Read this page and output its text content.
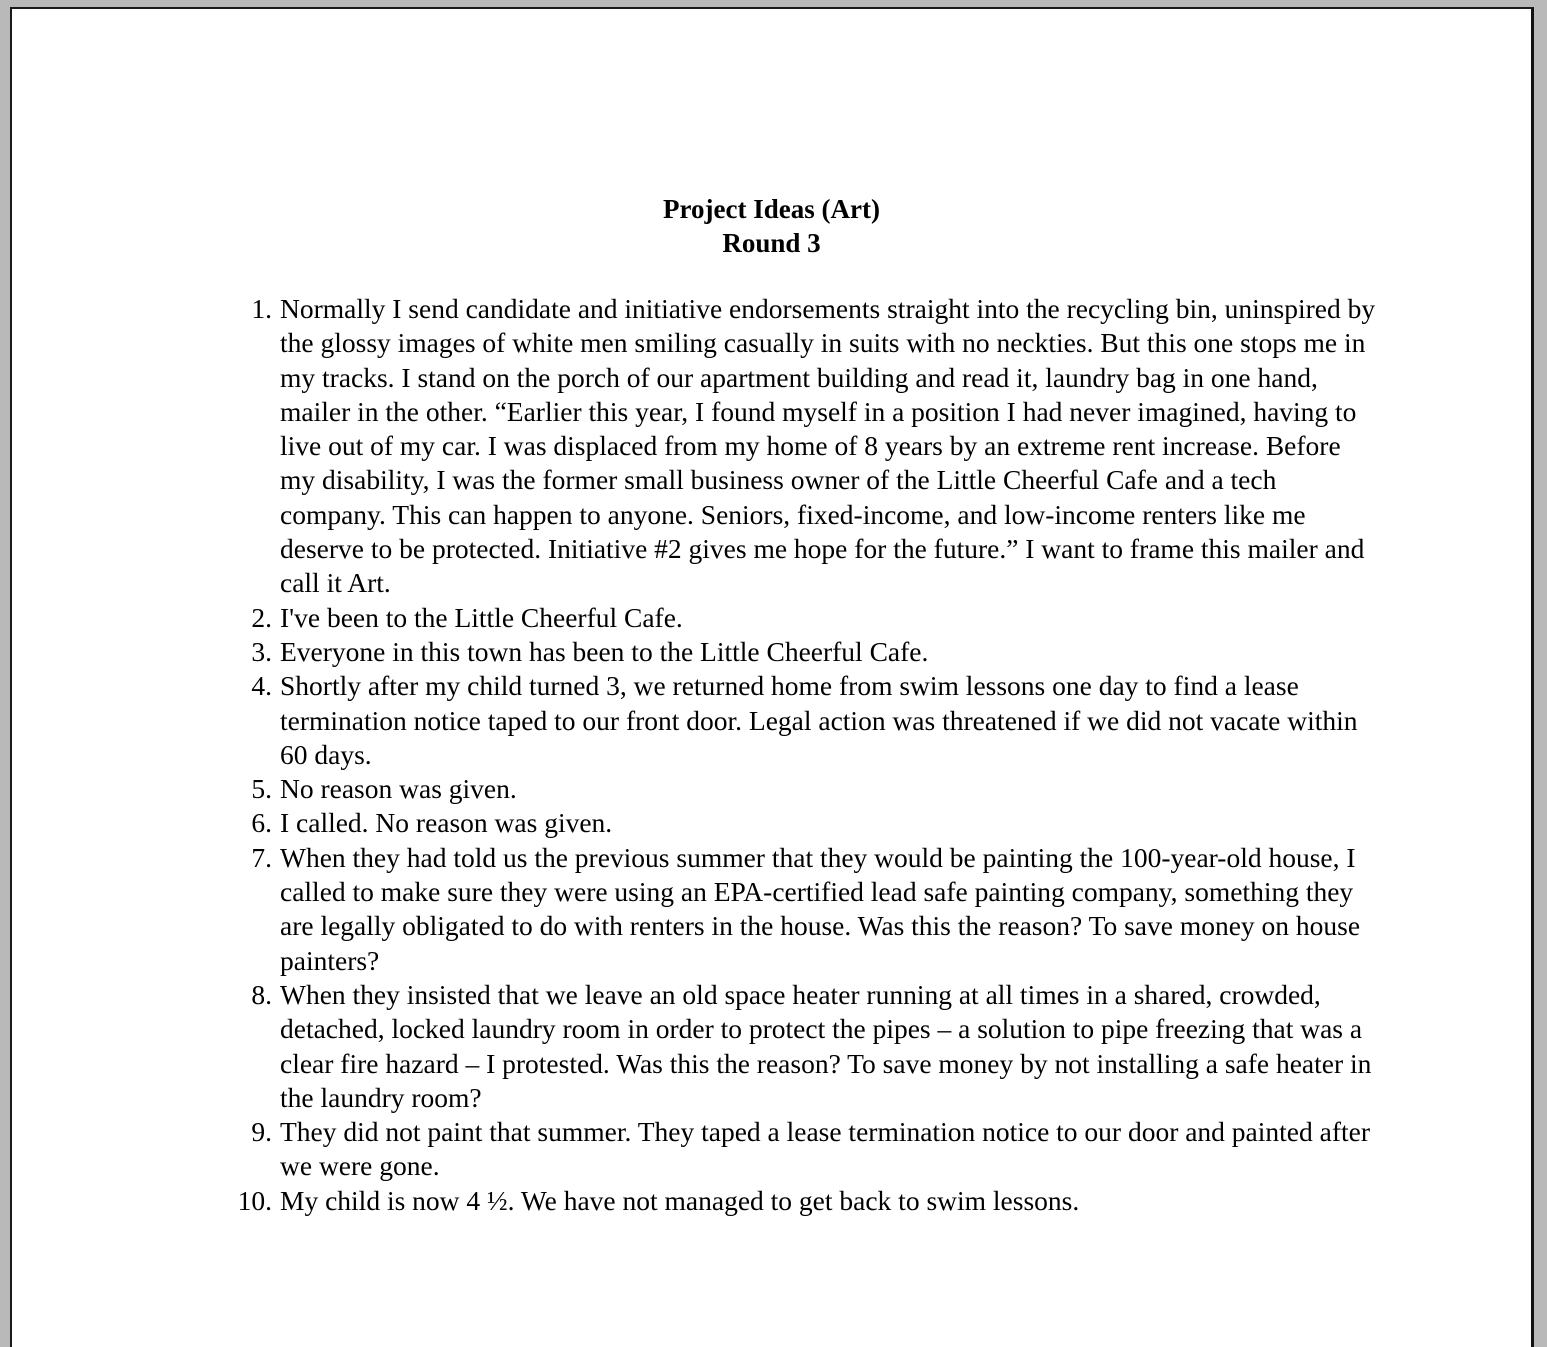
Project Ideas (Art)
Round 3
1. Normally I send candidate and initiative endorsements straight into the recycling bin, uninspired by the glossy images of white men smiling casually in suits with no neckties. But this one stops me in my tracks. I stand on the porch of our apartment building and read it, laundry bag in one hand, mailer in the other. “Earlier this year, I found myself in a position I had never imagined, having to live out of my car. I was displaced from my home of 8 years by an extreme rent increase. Before my disability, I was the former small business owner of the Little Cheerful Cafe and a tech company. This can happen to anyone. Seniors, fixed-income, and low-income renters like me deserve to be protected. Initiative #2 gives me hope for the future.” I want to frame this mailer and call it Art.
2. I've been to the Little Cheerful Cafe.
3. Everyone in this town has been to the Little Cheerful Cafe.
4. Shortly after my child turned 3, we returned home from swim lessons one day to find a lease termination notice taped to our front door. Legal action was threatened if we did not vacate within 60 days.
5. No reason was given.
6. I called. No reason was given.
7. When they had told us the previous summer that they would be painting the 100-year-old house, I called to make sure they were using an EPA-certified lead safe painting company, something they are legally obligated to do with renters in the house. Was this the reason? To save money on house painters?
8. When they insisted that we leave an old space heater running at all times in a shared, crowded, detached, locked laundry room in order to protect the pipes – a solution to pipe freezing that was a clear fire hazard – I protested. Was this the reason? To save money by not installing a safe heater in the laundry room?
9. They did not paint that summer. They taped a lease termination notice to our door and painted after we were gone.
10. My child is now 4 ½. We have not managed to get back to swim lessons.
